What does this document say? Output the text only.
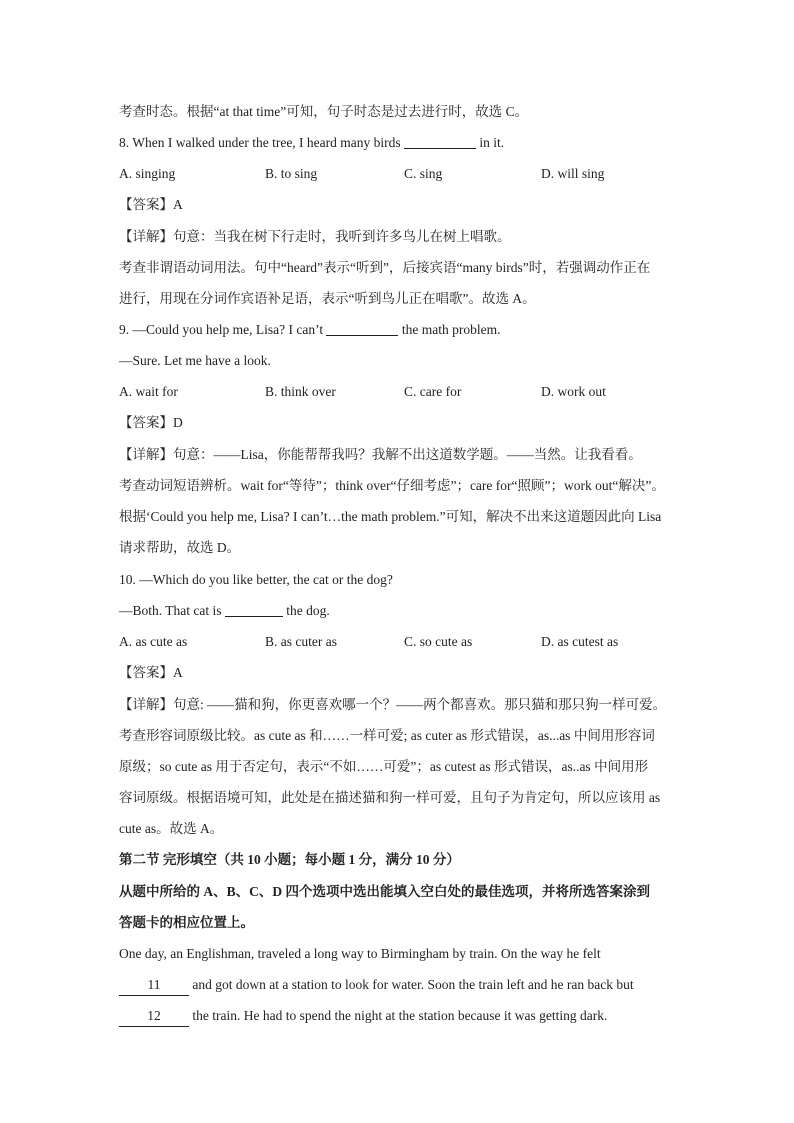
考查时态。根据“at that time”可知，句子时态是过去进行时，故选 C。
8. When I walked under the tree, I heard many birds	in it.
A. singing	B. to sing	C. sing	D. will sing
【答案】A
【详解】句意：当我在树下行走时，我听到许多鸟儿在树上唱歌。
考查非谓语动词用法。句中“heard”表示“听到”，后接宾语“many birds”时，若强调动作正在
进行，用现在分词作宾语补足语，表示“听到鸟儿正在唱歌”。故选 A。
9. —Could you help me, Lisa? I can’t	the math problem.
—Sure. Let me have a look.
A. wait for	B. think over	C. care for	D. work out
【答案】D
【详解】句意：——Lisa，你能帮帮我吗？我解不出这道数学题。——当然。让我看看。
考查动词短语辨析。wait for“等待”；think over“仔细考虑”；care for“照顾”；work out“解决”。
根据‘Could you help me, Lisa? I can’t…the math problem.”可知，解决不出来这道题因此向 Lisa
请求帮助，故选 D。
10. —Which do you like better, the cat or the dog?
—Both. That cat is	the dog.
A. as cute as	B. as cuter as	C. so cute as	D. as cutest as
【答案】A
【详解】句意: ——猫和狗，你更喜欢哪一个？——两个都喜欢。那只猫和那只狗一样可爱。
考查形容词原级比较。as cute as 和……一样可爱; as cuter as 形式错误，as...as 中间用形容词
原级；so cute as 用于否定句，表示“不如……可爱”；as cutest as 形式错误，as..as 中间用形
容词原级。根据语境可知，此处是在描述猫和狗一样可爱，且句子为肯定句，所以应该用 as
cute as。故选 A。
第二节 完形填空（共 10 小题；每小题 1 分，满分 10 分）
从题中所给的 A、B、C、D 四个选项中选出能填入空白处的最佳选项，并将所选答案涂到
答题卡的相应位置上。
One day, an Englishman, traveled a long way to Birmingham by train. On the way he felt
11 and got down at a station to look for water. Soon the train left and he ran back but
12 the train. He had to spend the night at the station because it was getting dark.
